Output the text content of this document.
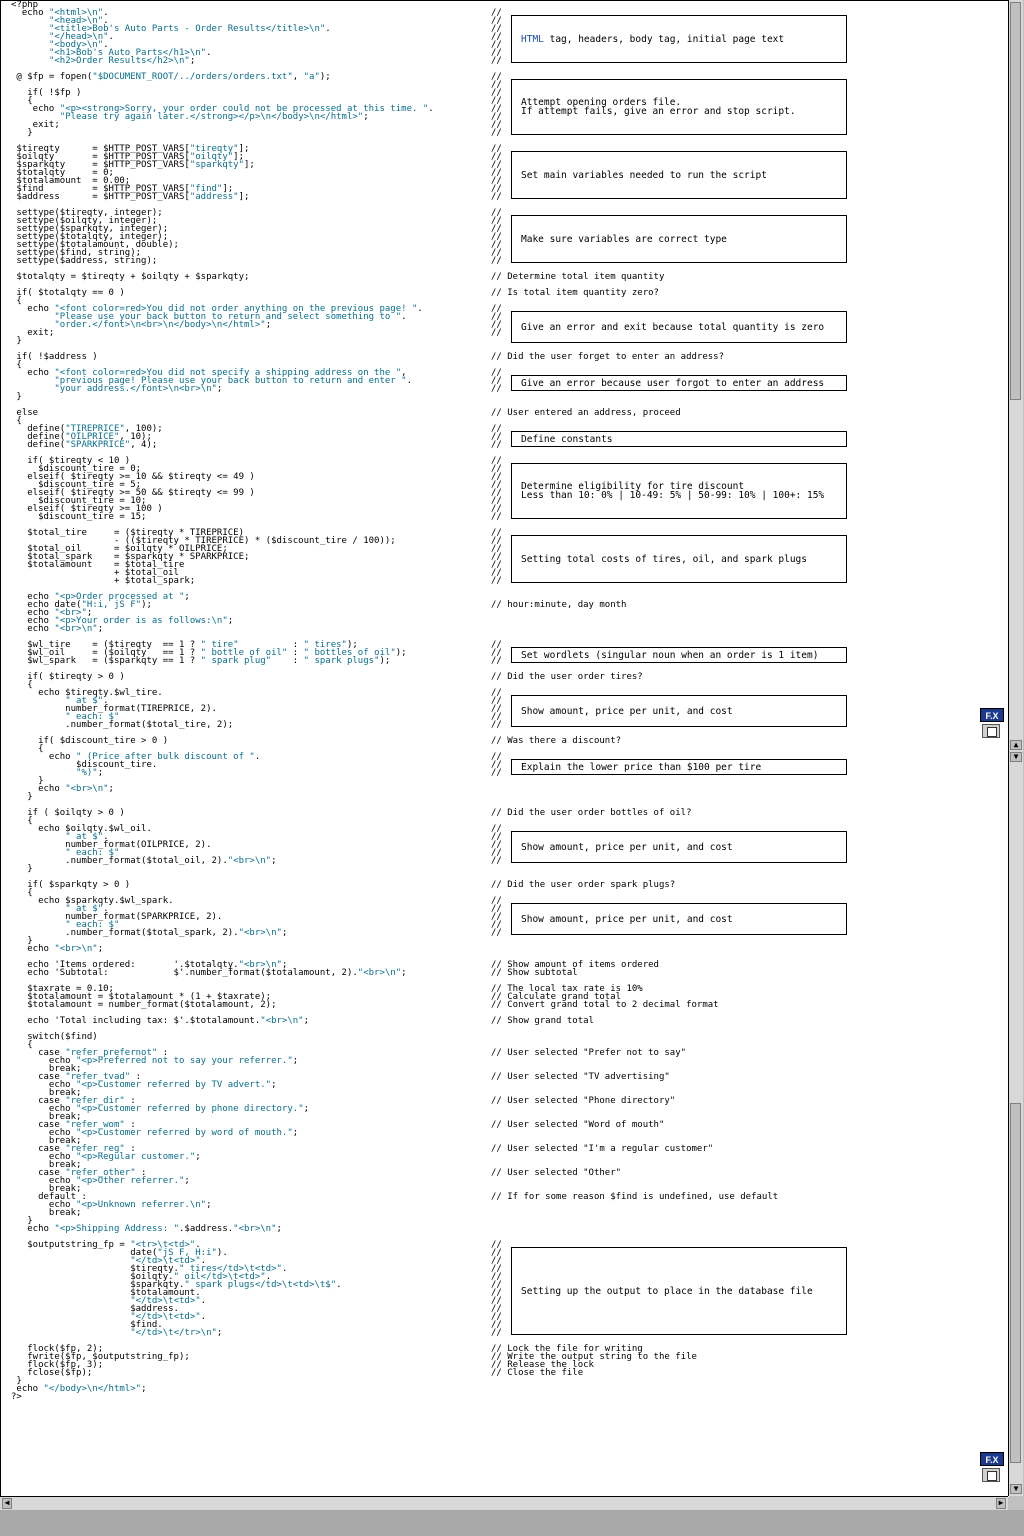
<?php
echo "<html>\n".
"<head>\n".
"<title>Bob's Auto Parts - Order Results</title>\n".
"</head>\n".
"<body>\n".
"<h1>Bob's Auto Parts</h1>\n".
"<h2>Order Results</h2>\n";
@ $fp = fopen("$DOCUMENT_ROOT/../orders/orders.txt", "a");
if( !$fp )
{
echo "<p><strong>Sorry, your order could not be processed at this time. ".
"Please try again later.</strong></p>\n</body>\n</html>";
exit;
}
$tireqty      = $HTTP_POST_VARS["tireqty"];
$oilqty       = $HTTP_POST_VARS["oilqty"];
$sparkqty     = $HTTP_POST_VARS["sparkqty"];
$totalqty     = 0;
$totalamount  = 0.00;
$find         = $HTTP_POST_VARS["find"];
$address      = $HTTP_POST_VARS["address"];
settype($tireqty, integer);
settype($oilqty, integer);
settype($sparkqty, integer);
settype($totalqty, integer);
settype($totalamount, double);
settype($find, string);
settype($address, string);
$totalqty = $tireqty + $oilqty + $sparkqty;
if( $totalqty == 0 )
{
echo "<font color=red>You did not order anything on the previous page! ".
"Please use your back button to return and select something to ".
"order.</font>\n<br>\n</body>\n</html>";
exit;
}
if( !$address )
{
echo "<font color=red>You did not specify a shipping address on the ",
"previous page! Please use your back button to return and enter ".
"your address.</font>\n<br>\n";
}
else
{
define("TIREPRICE", 100);
define("OILPRICE", 10);
define("SPARKPRICE", 4);
if( $tireqty < 10 )
$discount_tire = 0;
elseif( $tireqty >= 10 && $tireqty <= 49 )
$discount_tire = 5;
elseif( $tireqty >= 50 && $tireqty <= 99 )
$discount_tire = 10;
elseif( $tireqty >= 100 )
$discount_tire = 15;
$total_tire     = ($tireqty * TIREPRICE)
- (($tireqty * TIREPRICE) * ($discount_tire / 100));
$total_oil      = $oilqty * OILPRICE;
$total_spark    = $sparkqty * SPARKPRICE;
$totalamount    = $total_tire
+ $total_oil
+ $total_spark;
echo "<p>Order processed at ";
echo date("H:i, jS F");
echo "<br>";
echo "<p>Your order is as follows:\n";
echo "<br>\n";
$wl_tire    = ($tireqty  == 1 ? " tire"          : " tires");
$wl_oil     = ($oilqty   == 1 ? " bottle of oil" : " bottles of oil");
$wl_spark   = ($sparkqty == 1 ? " spark plug"    : " spark plugs");
if( $tireqty > 0 )
{
echo $tireqty.$wl_tire.
" at $".
number_format(TIREPRICE, 2).
" each: $"
.number_format($total_tire, 2);
if( $discount_tire > 0 )
{
echo " (Price after bulk discount of ".
$discount_tire.
"%)";
}
echo "<br>\n";
}
if ( $oilqty > 0 )
{
echo $oilqty.$wl_oil.
" at $".
number_format(OILPRICE, 2).
" each: $"
.number_format($total_oil, 2)."<br>\n";
}
if( $sparkqty > 0 )
{
echo $sparkqty.$wl_spark.
" at $".
number_format(SPARKPRICE, 2).
" each: $"
.number_format($total_spark, 2)."<br>\n";
}
echo "<br>\n";
echo 'Items ordered:       '.$totalqty."<br>\n";
echo 'Subtotal:            $'.number_format($totalamount, 2)."<br>\n";
$taxrate = 0.10;
$totalamount = $totalamount * (1 + $taxrate);
$totalamount = number_format($totalamount, 2);
echo 'Total including tax: $'.$totalamount."<br>\n";
switch($find)
{
case "refer_prefernot" :
echo "<p>Preferred not to say your referrer.";
break;
case "refer_tvad" :
echo "<p>Customer referred by TV advert.";
break;
case "refer_dir" :
echo "<p>Customer referred by phone directory.";
break;
case "refer_wom" :
echo "<p>Customer referred by word of mouth.";
break;
case "refer_reg" :
echo "<p>Regular customer.";
break;
case "refer_other" :
echo "<p>Other referrer.";
break;
default :
echo "<p>Unknown referrer.\n";
break;
}
echo "<p>Shipping Address: ".$address."<br>\n";
$outputstring_fp = "<tr>\t<td>".
date("jS F, H:i").
"</td>\t<td>".
$tireqty." tires</td>\t<td>".
$oilqty." oil</td>\t<td>".
$sparkqty." spark plugs</td>\t<td>\t$".
$totalamount.
"</td>\t<td>".
$address.
"</td>\t<td>".
$find.
"</td>\t</tr>\n";
flock($fp, 2);
fwrite($fp, $outputstring_fp);
flock($fp, 3);
fclose($fp);
}
echo "</body>\n</html>";
?>
//
//
//
//
//
//
//
//
//
//
//
//
//
//
//
//
//
//
//
//
//
//
//
//
//
//
//
//
//
// Determine total item quantity
// Is total item quantity zero?
//
//
//
//
// Did the user forget to enter an address?
//
//
//
// User entered an address, proceed
//
//
//
//
//
//
//
//
//
//
//
//
//
//
//
//
//
//
// hour:minute, day month
//
//
//
// Did the user order tires?
//
//
//
//
//
// Was there a discount?
//
//
//
// Did the user order bottles of oil?
//
//
//
//
//
// Did the user order spark plugs?
//
//
//
//
//
// Show amount of items ordered
// Show subtotal
// The local tax rate is 10%
// Calculate grand total
// Convert grand total to 2 decimal format
// Show grand total
// User selected "Prefer not to say"
// User selected "TV advertising"
// User selected "Phone directory"
// User selected "Word of mouth"
// User selected "I'm a regular customer"
// User selected "Other"
// If for some reason $find is undefined, use default
//
//
//
//
//
//
//
//
//
//
//
//
// Lock the file for writing
// Write the output string to the file
// Release the lock
// Close the file
HTML tag, headers, body tag, initial page text
Attempt opening orders file.
If attempt fails, give an error and stop script.
Set main variables needed to run the script
Make sure variables are correct type
Give an error and exit because total quantity is zero
Give an error because user forgot to enter an address
Define constants
Determine eligibility for tire discount
Less than 10: 0% | 10-49: 5% | 50-99: 10% | 100+: 15%
Setting total costs of tires, oil, and spark plugs
Set wordlets (singular noun when an order is 1 item)
Show amount, price per unit, and cost
Explain the lower price than $100 per tire
Show amount, price per unit, and cost
Show amount, price per unit, and cost
Setting up the output to place in the database file
▲
▼
▼
◀	▶
F.X
F.X
